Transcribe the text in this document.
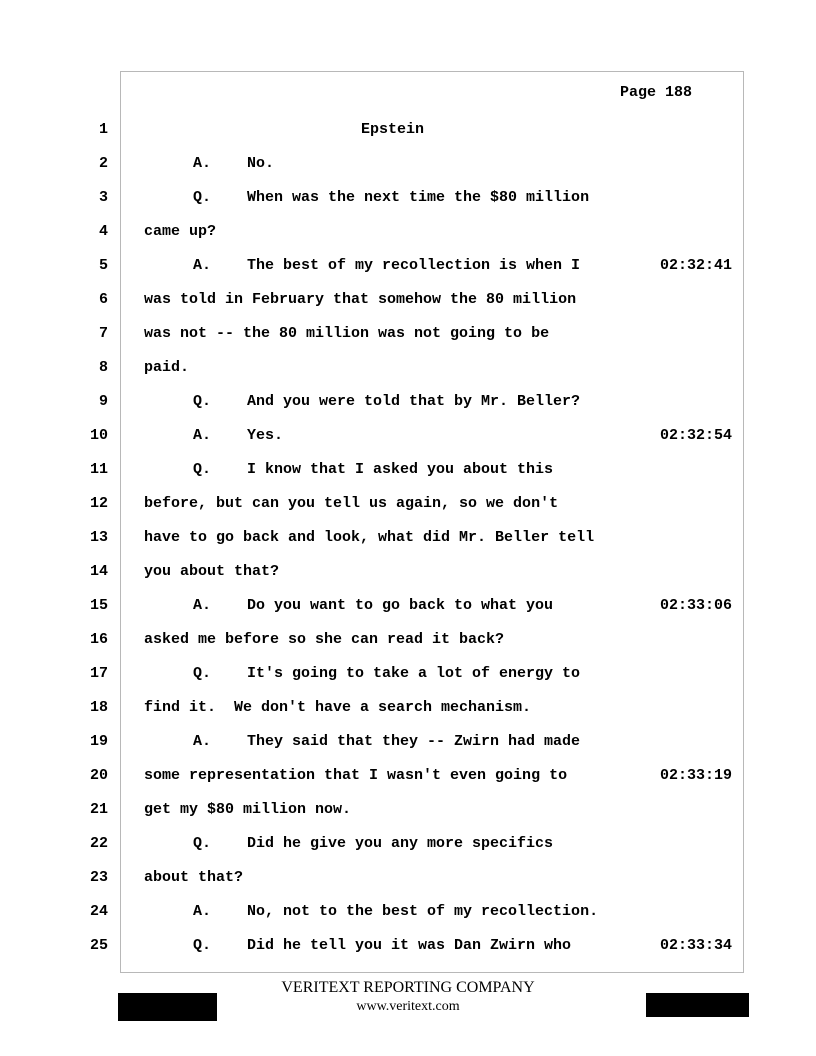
Page 188
1	Epstein
2	A.    No.
3	Q.    When was the next time the $80 million
4 came up?
5	A.    The best of my recollection is when I	02:32:41
6 was told in February that somehow the 80 million
7 was not -- the 80 million was not going to be
8 paid.
9	Q.    And you were told that by Mr. Beller?
10	A.    Yes.	02:32:54
11	Q.    I know that I asked you about this
12 before, but can you tell us again, so we don't
13 have to go back and look, what did Mr. Beller tell
14 you about that?
15	A.    Do you want to go back to what you	02:33:06
16 asked me before so she can read it back?
17	Q.    It's going to take a lot of energy to
18 find it.  We don't have a search mechanism.
19	A.    They said that they -- Zwirn had made
20 some representation that I wasn't even going to	02:33:19
21 get my $80 million now.
22	Q.    Did he give you any more specifics
23 about that?
24	A.    No, not to the best of my recollection.
25	Q.    Did he tell you it was Dan Zwirn who	02:33:34
VERITEXT REPORTING COMPANY
www.veritext.com
